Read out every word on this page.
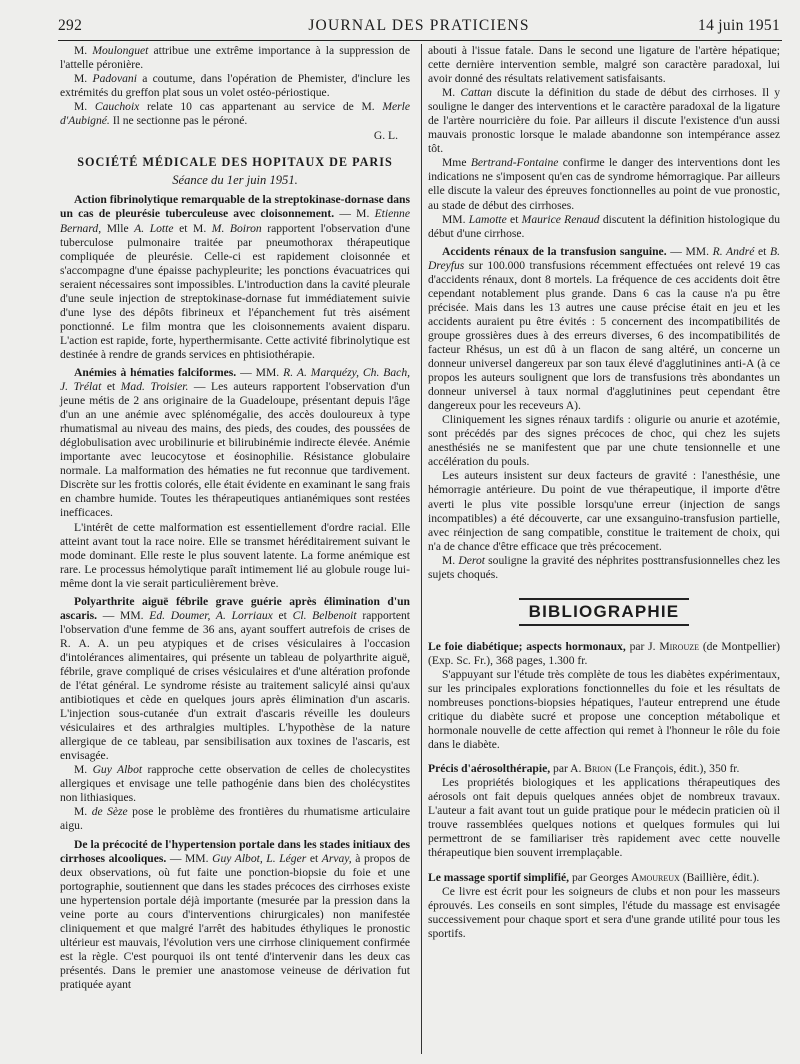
292	JOURNAL DES PRATICIENS	14 juin 1951

M. Moulonguet attribue une extrême importance à la suppression de l'attelle péronière.

M. Padovani a coutume, dans l'opération de Phemister, d'inclure les extrémités du greffon plat sous un volet ostéo-périostique.

M. Cauchoix relate 10 cas appartenant au service de M. Merle d'Aubigné. Il ne sectionne pas le péroné.

G. L.

SOCIÉTÉ MÉDICALE DES HOPITAUX DE PARIS
Séance du 1er juin 1951.

Action fibrinolytique remarquable de la streptokinase-dornase dans un cas de pleurésie tuberculeuse avec cloisonnement. — M. Etienne Bernard, Mlle A. Lotte et M. M. Boiron rapportent l'observation d'une tuberculose pulmonaire traitée par pneumothorax thérapeutique compliquée de pleurésie. Celle-ci est rapidement cloisonnée et s'accompagne d'une épaisse pachypleurite; les ponctions évacuatrices qui seraient nécessaires sont impossibles. L'introduction dans la cavité pleurale d'une seule injection de streptokinase-dornase fut immédiatement suivie d'une lyse des dépôts fibrineux et l'épanchement fut très aisément ponctionné. Le film montra que les cloisonnements avaient disparu. L'action est rapide, forte, hyperthermisante. Cette activité fibrinolytique est destinée à rendre de grands services en phtisiothérapie.

Anémies à hématies falciformes. — MM. R. A. Marquézy, Ch. Bach, J. Trélat et Mad. Troisier. — Les auteurs rapportent l'observation d'un jeune métis de 2 ans originaire de la Guadeloupe, présentant depuis l'âge d'un an une anémie avec splénomégalie, des accès douloureux à type rhumatismal au niveau des mains, des pieds, des coudes, des poussées de déglobulisation avec urobilinurie et bilirubinémie indirecte élevée. Anémie importante avec leucocytose et éosinophilie. Résistance globulaire normale. La malformation des hématies ne fut reconnue que tardivement. Discrète sur les frottis colorés, elle était évidente en examinant le sang frais en chambre humide. Toutes les thérapeutiques antianémiques sont restées inefficaces.

L'intérêt de cette malformation est essentiellement d'ordre racial. Elle atteint avant tout la race noire. Elle se transmet héréditairement suivant le mode dominant. Elle reste le plus souvent latente. La forme anémique est rare. Le processus hémolytique paraît intimement lié au globule rouge lui-même dont la vie serait particulièrement brève.

Polyarthrite aiguë fébrile grave guérie après élimination d'un ascaris. — MM. Ed. Doumer, A. Lorriaux et Cl. Belbenoit rapportent l'observation d'une femme de 36 ans, ayant souffert autrefois de crises de R. A. A. un peu atypiques et de crises vésiculaires à l'occasion d'intolérances alimentaires, qui présente un tableau de polyarthrite aiguë, fébrile, grave compliqué de crises vésiculaires et d'une altération profonde de l'état général. Le syndrome résiste au traitement salicylé ainsi qu'aux antibiotiques et cède en quelques jours après élimination d'un ascaris. L'injection sous-cutanée d'un extrait d'ascaris réveille les douleurs vésiculaires et des arthralgies multiples. L'hypothèse de la nature allergique de ce tableau, par sensibilisation aux toxines de l'ascaris, est envisagée.

M. Guy Albot rapproche cette observation de celles de cholecystites allergiques et envisage une telle pathogénie dans bien des cholécystites non lithiasiques.

M. de Sèze pose le problème des frontières du rhumatisme articulaire aigu.

De la précocité de l'hypertension portale dans les stades initiaux des cirrhoses alcooliques. — MM. Guy Albot, L. Léger et Arvay, à propos de deux observations, où fut faite une ponction-biopsie du foie et une portographie, soutiennent que dans les stades précoces des cirrhoses existe une hypertension portale déjà importante (mesurée par la pression dans la veine porte au cours d'interventions chirurgicales) non manifestée cliniquement et que malgré l'arrêt des habitudes éthyliques le pronostic ultérieur est mauvais, l'évolution vers une cirrhose cliniquement confirmée est la règle. C'est pourquoi ils ont tenté d'intervenir dans les deux cas présentés. Dans le premier une anastomose veineuse de dérivation fut pratiquée ayant

abouti à l'issue fatale. Dans le second une ligature de l'artère hépatique; cette dernière intervention semble, malgré son caractère paradoxal, lui avoir donné des résultats relativement satisfaisants.

M. Cattan discute la définition du stade de début des cirrhoses. Il y souligne le danger des interventions et le caractère paradoxal de la ligature de l'artère nourricière du foie. Par ailleurs il discute l'existence d'un aussi mauvais pronostic lorsque le malade abandonne son intempérance assez tôt.

Mme Bertrand-Fontaine confirme le danger des interventions dont les indications ne s'imposent qu'en cas de syndrome hémorragique. Par ailleurs elle discute la valeur des épreuves fonctionnelles au point de vue pronostic, au stade de début des cirrhoses.

MM. Lamotte et Maurice Renaud discutent la définition histologique du début d'une cirrhose.

Accidents rénaux de la transfusion sanguine. — MM. R. André et B. Dreyfus sur 100.000 transfusions récemment effectuées ont relevé 19 cas d'accidents rénaux, dont 8 mortels. La fréquence de ces accidents doit être cependant notablement plus grande. Dans 6 cas la cause n'a pu être précisée. Mais dans les 13 autres une cause précise était en jeu et les accidents auraient pu être évités : 5 concernent des incompatibilités de groupe grossières dues à des erreurs diverses, 6 des incompatibilités de facteur Rhésus, un est dû à un flacon de sang altéré, un concerne un donneur universel dangereux par son taux élevé d'agglutinines anti-A (à ce propos les auteurs soulignent que lors de transfusions très abondantes un donneur universel à taux normal d'agglutinines peut cependant être dangereux pour les receveurs A).

Cliniquement les signes rénaux tardifs : oligurie ou anurie et azotémie, sont précédés par des signes précoces de choc, qui chez les sujets anesthésiés ne se manifestent que par une chute tensionnelle et une accélération du pouls.

Les auteurs insistent sur deux facteurs de gravité : l'anesthésie, une hémorragie antérieure. Du point de vue thérapeutique, il importe d'être averti le plus vite possible lorsqu'une erreur (injection de sangs incompatibles) a été découverte, car une exsanguino-transfusion partielle, avec réinjection de sang compatible, constitue le traitement de choix, qui n'a de chance d'être efficace que très précocement.

M. Derot souligne la gravité des néphrites posttransfusionnelles chez les sujets choqués.

BIBLIOGRAPHIE

Le foie diabétique; aspects hormonaux, par J. Mirouze (de Montpellier) (Exp. Sc. Fr.), 368 pages, 1.300 fr.

S'appuyant sur l'étude très complète de tous les diabètes expérimentaux, sur les principales explorations fonctionnelles du foie et les résultats de nombreuses ponctions-biopsies hépatiques, l'auteur entreprend une étude critique du diabète sucré et propose une conception métabolique et hormonale nouvelle de cette affection qui remet à l'honneur le rôle du foie dans le diabète.

Précis d'aérosolthérapie, par A. Brion (Le François, édit.), 350 fr.

Les propriétés biologiques et les applications thérapeutiques des aérosols ont fait depuis quelques années objet de nombreux travaux. L'auteur a fait avant tout un guide pratique pour le médecin praticien où il trouve rassemblées quelques notions et quelques formules qui lui permettront de se familiariser très rapidement avec cette nouvelle thérapeutique bien souvent irremplaçable.

Le massage sportif simplifié, par Georges Amoureux (Baillière, édit.).

Ce livre est écrit pour les soigneurs de clubs et non pour les masseurs éprouvés. Les conseils en sont simples, l'étude du massage est envisagée successivement pour chaque sport et sera d'une grande utilité pour tous les sportifs.
